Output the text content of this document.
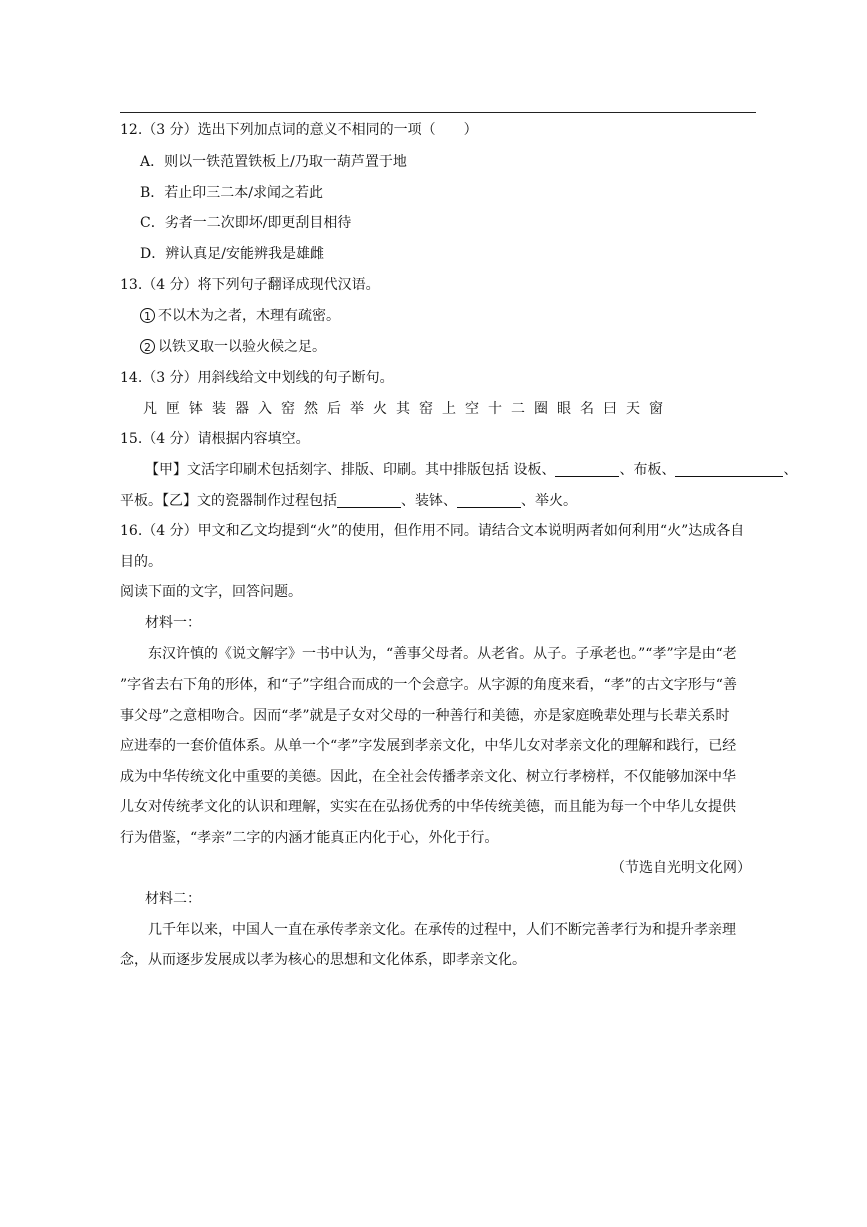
12.（3 分）选出下列加点词的意义不相同的一项（　　）
A．则以一铁范置铁板上/乃取一葫芦置于地
B．若止印三二本/求闻之若此
C．劣者一二次即坏/即更刮目相待
D．辨认真足/安能辨我是雄雌
13.（4 分）将下列句子翻译成现代汉语。
1 不以木为之者，木理有疏密。
2 以铁叉取一以验火候之足。
14.（3 分）用斜线给文中划线的句子断句。
凡匣钵装器入窑然后举火其窑上空十二圈眼名曰天窗
15.（4 分）请根据内容填空。
【甲】文活字印刷术包括刻字、排版、印刷。其中排版包括 设板、	、布板、	、
平板。【乙】文的瓷器制作过程包括	、装钵、	、举火。
16.（4 分）甲文和乙文均提到“火”的使用，但作用不同。请结合文本说明两者如何利用“火”达成各自
目的。
阅读下面的文字，回答问题。
材料一：
东汉许慎的《说文解字》一书中认为，“善事父母者。从老省。从子。子承老也。”“孝”字是由“老
”字省去右下角的形体，和“子”字组合而成的一个会意字。从字源的角度来看，“孝”的古文字形与“善
事父母”之意相吻合。因而“孝”就是子女对父母的一种善行和美德，亦是家庭晚辈处理与长辈关系时
应进奉的一套价值体系。从单一个“孝”字发展到孝亲文化，中华儿女对孝亲文化的理解和践行，已经
成为中华传统文化中重要的美德。因此，在全社会传播孝亲文化、树立行孝榜样，不仅能够加深中华
儿女对传统孝文化的认识和理解，实实在在弘扬优秀的中华传统美德，而且能为每一个中华儿女提供
行为借鉴，“孝亲”二字的内涵才能真正内化于心，外化于行。
（节选自光明文化网）
材料二：
几千年以来，中国人一直在承传孝亲文化。在承传的过程中，人们不断完善孝行为和提升孝亲理
念，从而逐步发展成以孝为核心的思想和文化体系，即孝亲文化。
